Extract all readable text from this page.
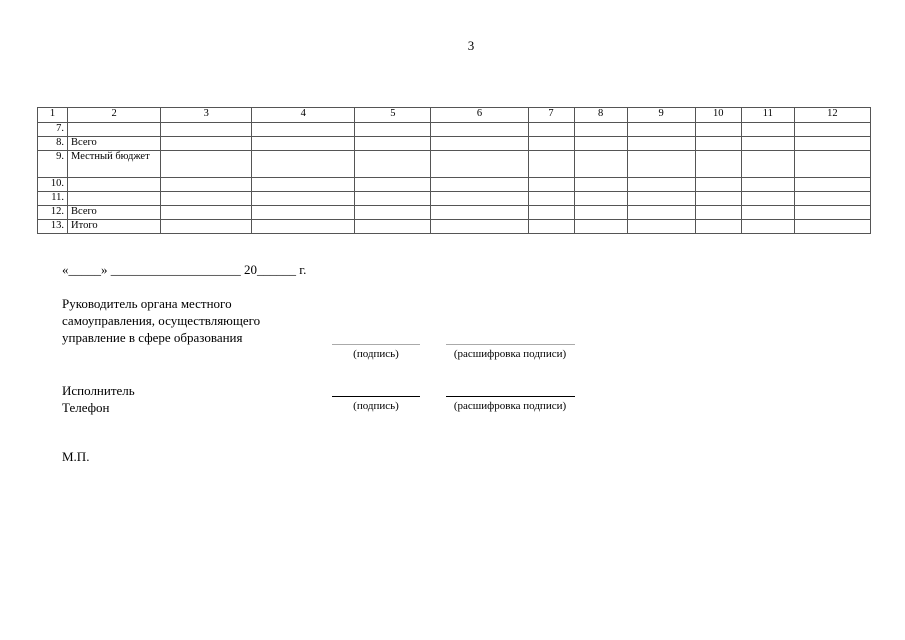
3
1	2	3	4	5	6	7	8	9	10	11	12
7.											
8.	Всего										
9.	Местный бюджет										
10.											
11.											
12.	Всего										
13.	Итого										
«_____» ____________________ 20______ г.
Руководитель органа местного
самоуправления, осуществляющего
управление в сфере образования
(подпись)	(расшифровка подписи)
Исполнитель
Телефон	(подпись)	(расшифровка подписи)
М.П.
